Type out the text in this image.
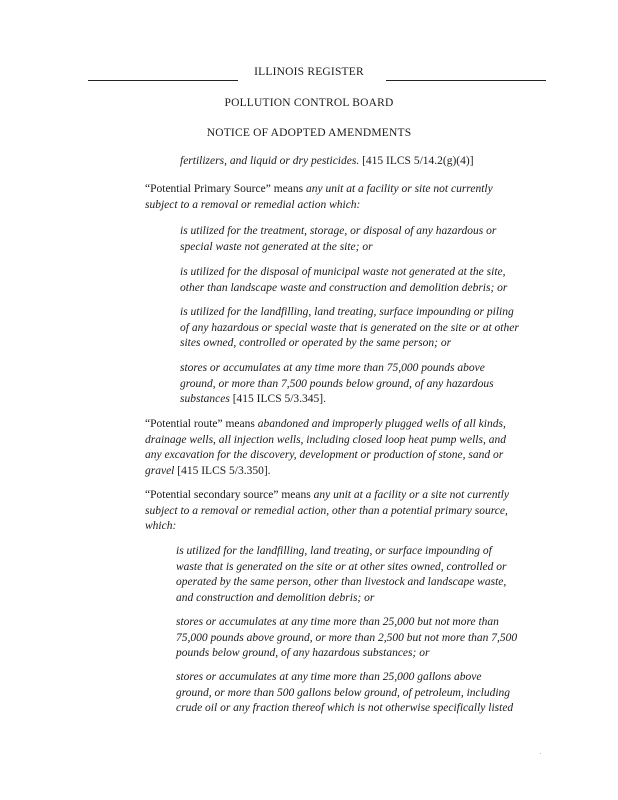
ILLINOIS REGISTER
POLLUTION CONTROL BOARD
NOTICE OF ADOPTED AMENDMENTS
fertilizers, and liquid or dry pesticides. [415 ILCS 5/14.2(g)(4)]
“Potential Primary Source” means any unit at a facility or site not currently
subject to a removal or remedial action which:
is utilized for the treatment, storage, or disposal of any hazardous or
special waste not generated at the site; or
is utilized for the disposal of municipal waste not generated at the site,
other than landscape waste and construction and demolition debris; or
is utilized for the landfilling, land treating, surface impounding or piling
of any hazardous or special waste that is generated on the site or at other
sites owned, controlled or operated by the same person; or
stores or accumulates at any time more than 75,000 pounds above
ground, or more than 7,500 pounds below ground, of any hazardous
substances [415 ILCS 5/3.345].
“Potential route” means abandoned and improperly plugged wells of all kinds,
drainage wells, all injection wells, including closed loop heat pump wells, and
any excavation for the discovery, development or production of stone, sand or
gravel [415 ILCS 5/3.350].
“Potential secondary source” means any unit at a facility or a site not currently
subject to a removal or remedial action, other than a potential primary source,
which:
is utilized for the landfilling, land treating, or surface impounding of
waste that is generated on the site or at other sites owned, controlled or
operated by the same person, other than livestock and landscape waste,
and construction and demolition debris; or
stores or accumulates at any time more than 25,000 but not more than
75,000 pounds above ground, or more than 2,500 but not more than 7,500
pounds below ground, of any hazardous substances; or
stores or accumulates at any time more than 25,000 gallons above
ground, or more than 500 gallons below ground, of petroleum, including
crude oil or any fraction thereof which is not otherwise specifically listed
.
